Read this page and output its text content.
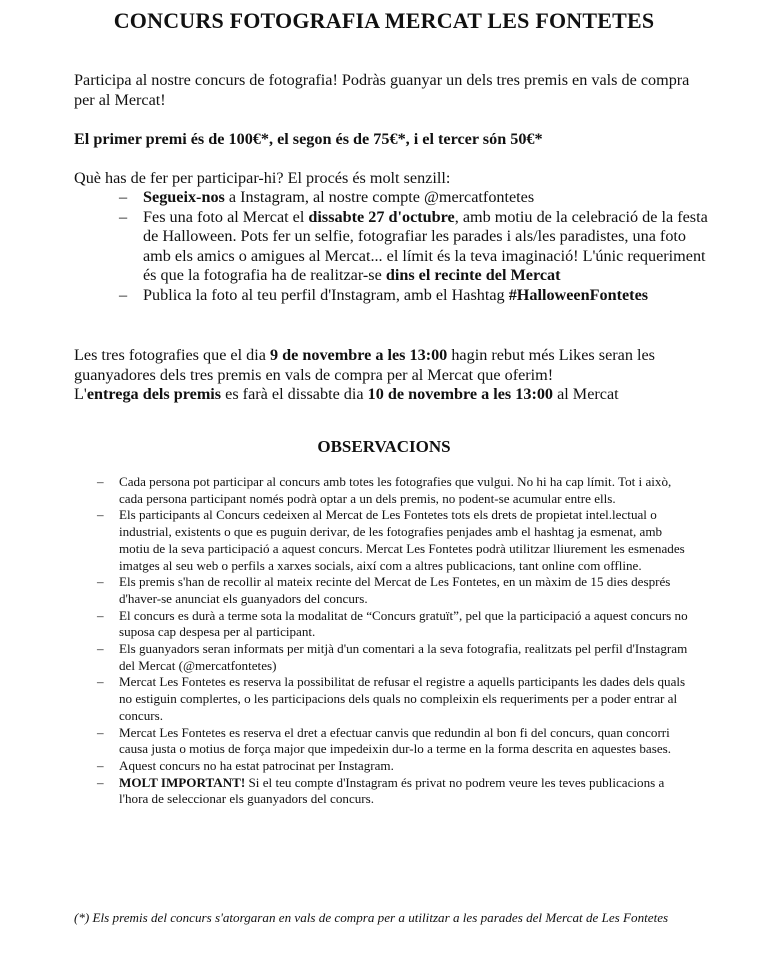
CONCURS FOTOGRAFIA MERCAT LES FONTETES

Participa al nostre concurs de fotografia! Podràs guanyar un dels tres premis en vals de compra per al Mercat!

El primer premi és de 100€*, el segon és de 75€*, i el tercer són 50€*

Què has de fer per participar-hi? El procés és molt senzill:

– Segueix-nos a Instagram, al nostre compte @mercatfontetes
– Fes una foto al Mercat el dissabte 27 d'octubre, amb motiu de la celebració de la festa de Halloween. Pots fer un selfie, fotografiar les parades i als/les paradistes, una foto amb els amics o amigues al Mercat... el límit és la teva imaginació! L'únic requeriment és que la fotografia ha de realitzar-se dins el recinte del Mercat
– Publica la foto al teu perfil d'Instagram, amb el Hashtag #HalloweenFontetes

Les tres fotografies que el dia 9 de novembre a les 13:00 hagin rebut més Likes seran les guanyadores dels tres premis en vals de compra per al Mercat que oferim!
L'entrega dels premis es farà el dissabte dia 10 de novembre a les 13:00 al Mercat

OBSERVACIONS
– Cada persona pot participar al concurs amb totes les fotografies que vulgui. No hi ha cap límit. Tot i això, cada persona participant només podrà optar a un dels premis, no podent-se acumular entre ells.
– Els participants al Concurs cedeixen al Mercat de Les Fontetes tots els drets de propietat intel.lectual o industrial, existents o que es puguin derivar, de les fotografies penjades amb el hashtag ja esmenat, amb motiu de la seva participació a aquest concurs. Mercat Les Fontetes podrà utilitzar lliurement les esmenades imatges al seu web o perfils a xarxes socials, així com a altres publicacions, tant online com offline.
– Els premis s'han de recollir al mateix recinte del Mercat de Les Fontetes, en un màxim de 15 dies després d'haver-se anunciat els guanyadors del concurs.
– El concurs es durà a terme sota la modalitat de “Concurs gratuït”, pel que la participació a aquest concurs no suposa cap despesa per al participant.
– Els guanyadors seran informats per mitjà d'un comentari a la seva fotografia, realitzats pel perfil d'Instagram del Mercat (@mercatfontetes)
– Mercat Les Fontetes es reserva la possibilitat de refusar el registre a aquells participants les dades dels quals no estiguin complertes, o les participacions dels quals no compleixin els requeriments per a poder entrar al concurs.
– Mercat Les Fontetes es reserva el dret a efectuar canvis que redundin al bon fi del concurs, quan concorri causa justa o motius de força major que impedeixin dur-lo a terme en la forma descrita en aquestes bases.
– Aquest concurs no ha estat patrocinat per Instagram.
– MOLT IMPORTANT! Si el teu compte d'Instagram és privat no podrem veure les teves publicacions a l'hora de seleccionar els guanyadors del concurs.

(*) Els premis del concurs s'atorgaran en vals de compra per a utilitzar a les parades del Mercat de Les Fontetes
